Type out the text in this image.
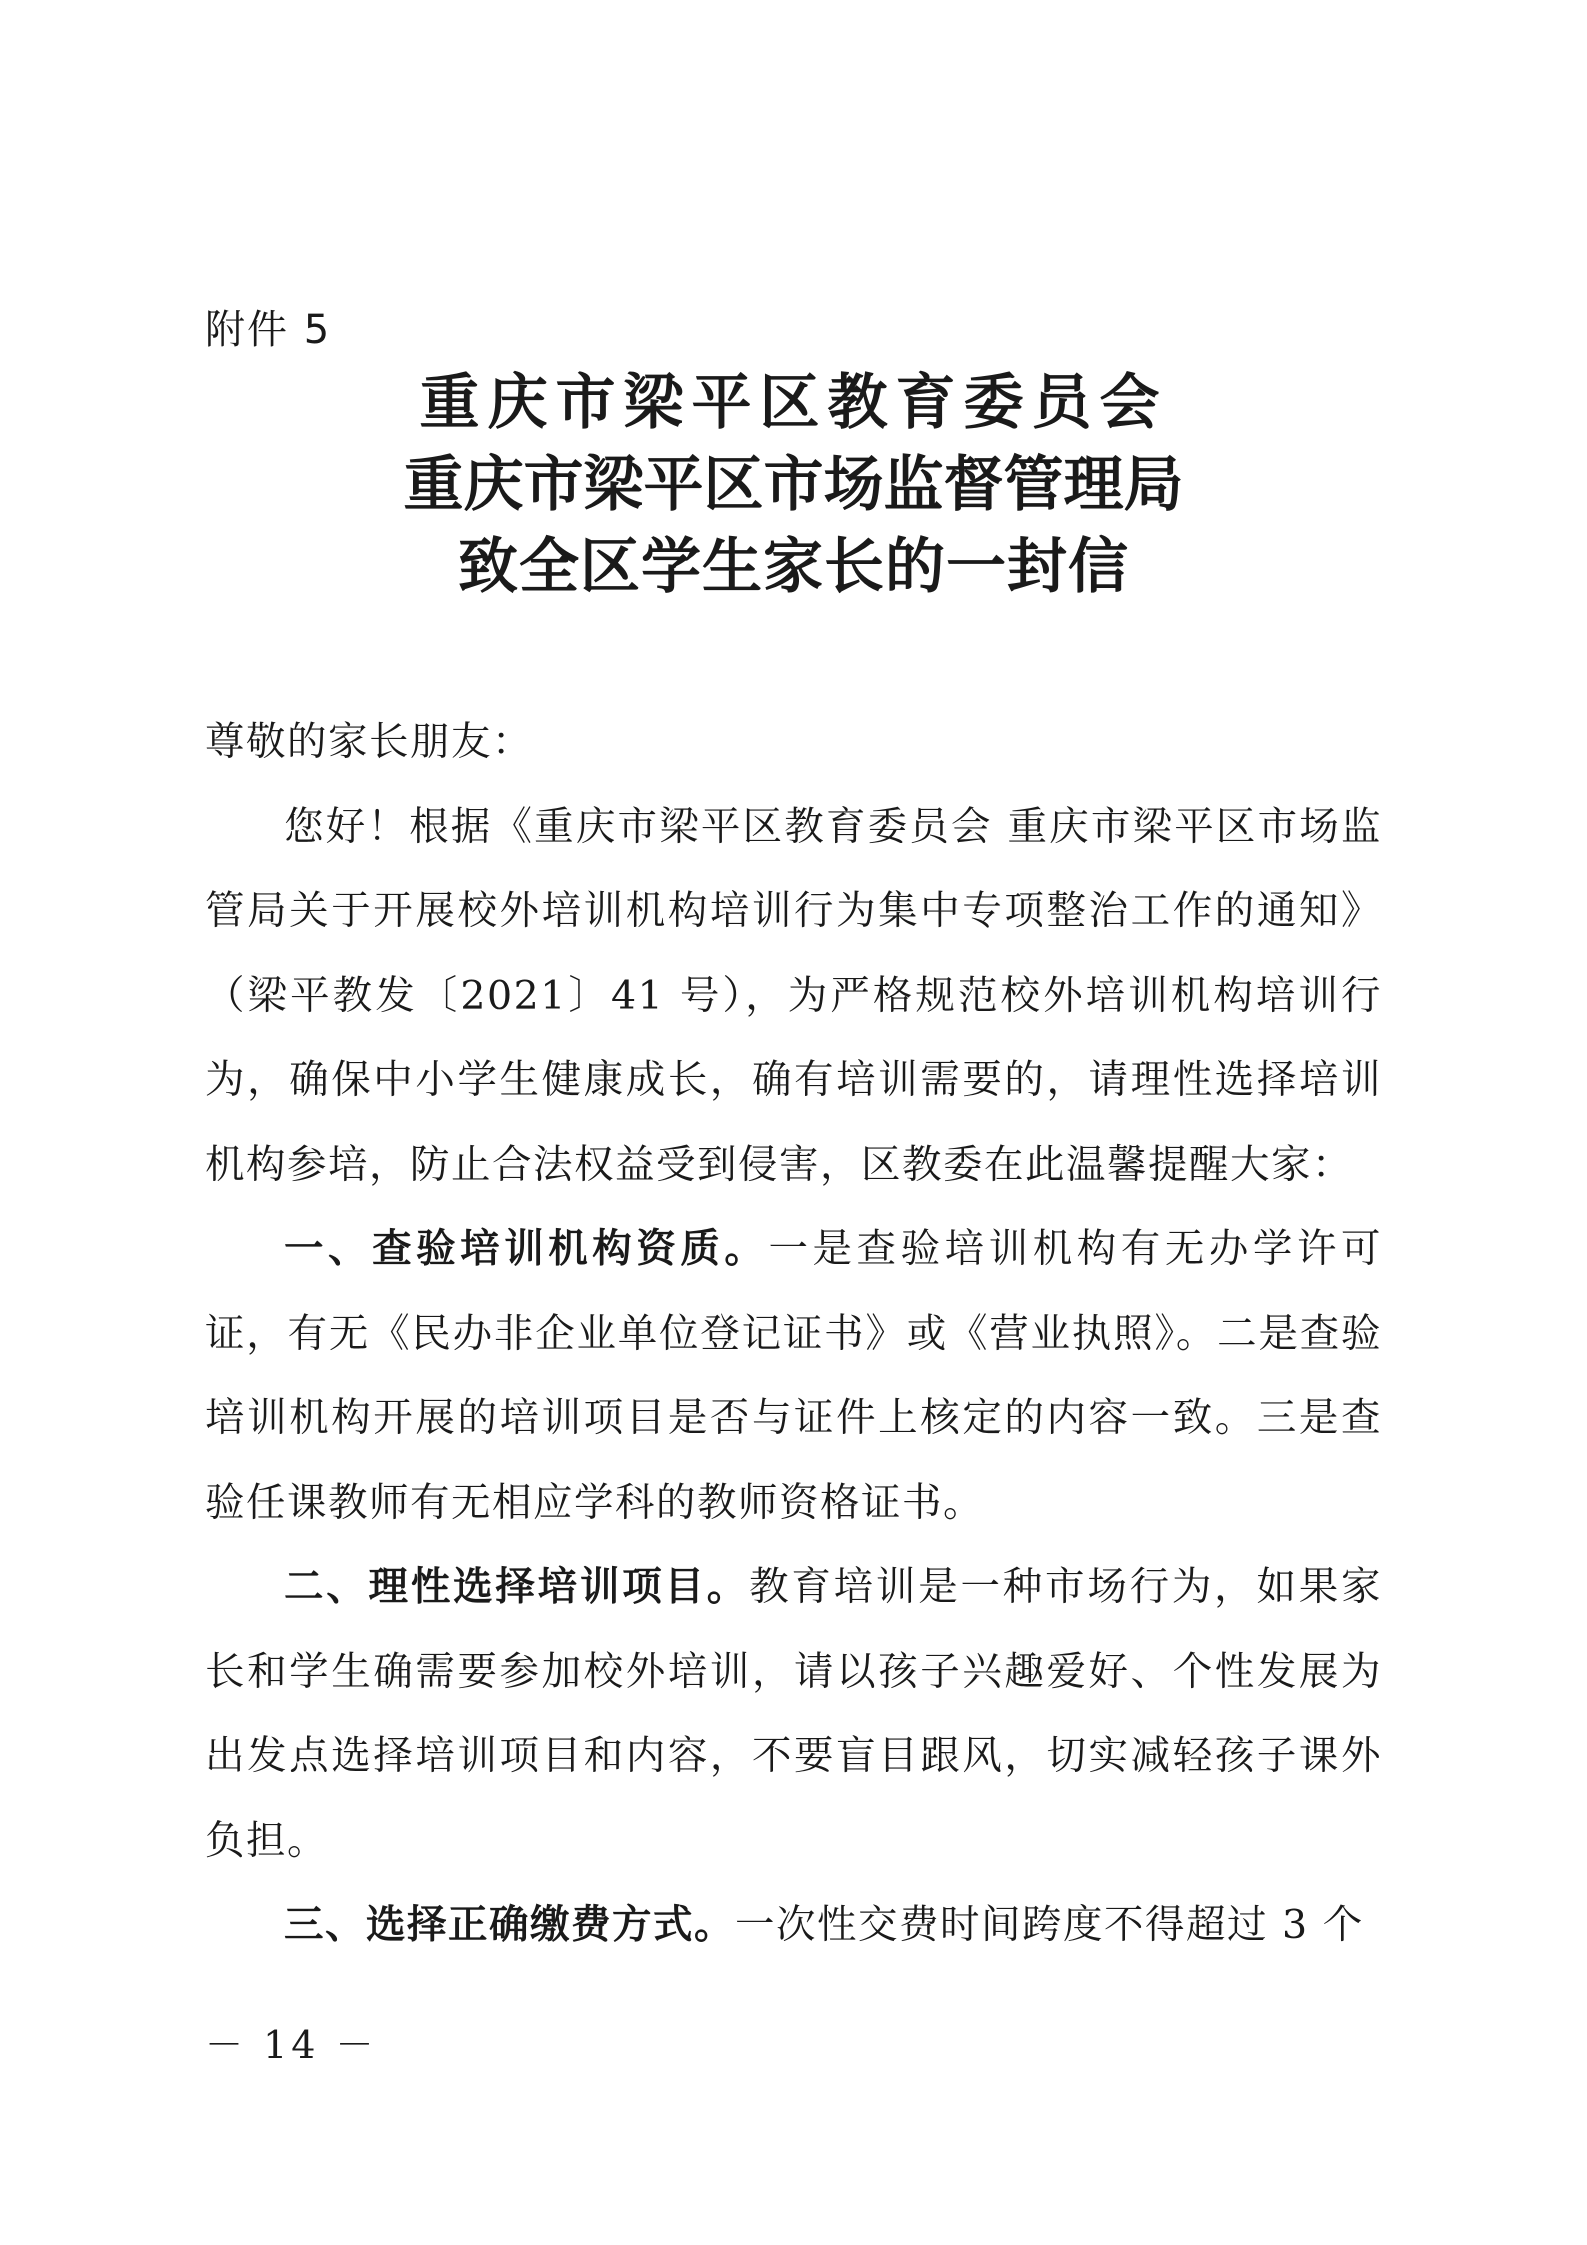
附件 5
重庆市梁平区教育委员会
重庆市梁平区市场监督管理局
致全区学生家长的一封信

尊敬的家长朋友：

您好！根据《重庆市梁平区教育委员会 重庆市梁平区市场监管局关于开展校外培训机构培训行为集中专项整治工作的通知》（梁平教发〔2021〕41 号），为严格规范校外培训机构培训行为，确保中小学生健康成长，确有培训需要的，请理性选择培训机构参培，防止合法权益受到侵害，区教委在此温馨提醒大家：

一、查验培训机构资质。一是查验培训机构有无办学许可证，有无《民办非企业单位登记证书》或《营业执照》。二是查验培训机构开展的培训项目是否与证件上核定的内容一致。三是查验任课教师有无相应学科的教师资格证书。

二、理性选择培训项目。教育培训是一种市场行为，如果家长和学生确需要参加校外培训，请以孩子兴趣爱好、个性发展为出发点选择培训项目和内容，不要盲目跟风，切实减轻孩子课外负担。

三、选择正确缴费方式。一次性交费时间跨度不得超过 3 个

－ 14 －
